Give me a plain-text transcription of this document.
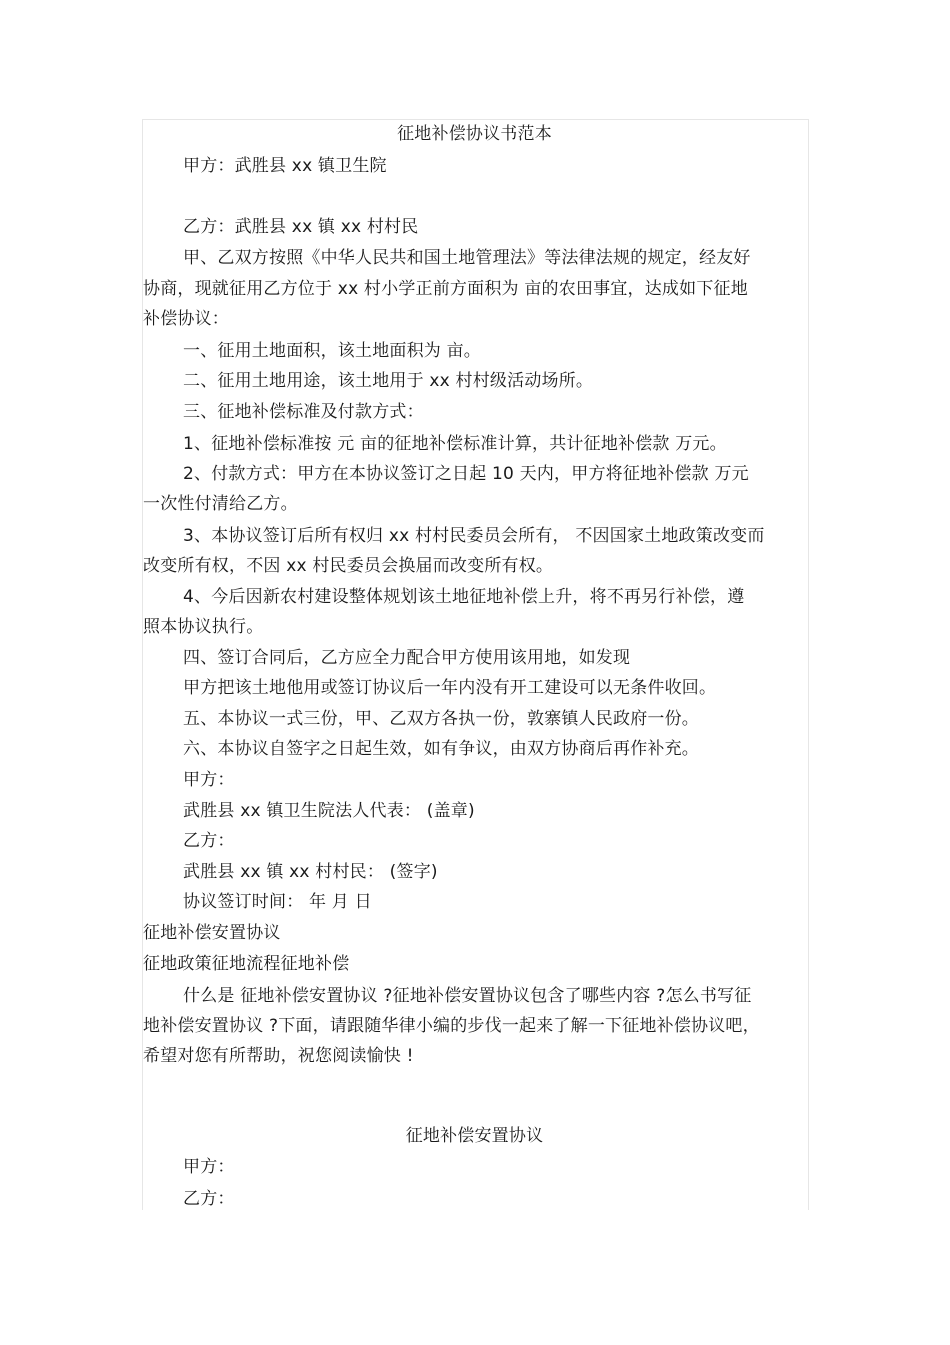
征地补偿协议书范本
甲方：武胜县 xx 镇卫生院
乙方：武胜县 xx 镇 xx 村村民
甲、乙双方按照《中华人民共和国土地管理法》等法律法规的规定，经友好
协商，现就征用乙方位于 xx 村小学正前方面积为 亩的农田事宜，达成如下征地
补偿协议：
一、征用土地面积，该土地面积为 亩。
二、征用土地用途，该土地用于 xx 村村级活动场所。
三、征地补偿标准及付款方式：
1、征地补偿标准按 元 亩的征地补偿标准计算，共计征地补偿款 万元。
2、付款方式：甲方在本协议签订之日起 10 天内，甲方将征地补偿款 万元
一次性付清给乙方。
3、本协议签订后所有权归 xx 村村民委员会所有， 不因国家土地政策改变而
改变所有权，不因 xx 村民委员会换届而改变所有权。
4、今后因新农村建设整体规划该土地征地补偿上升，将不再另行补偿，遵
照本协议执行。
四、签订合同后，乙方应全力配合甲方使用该用地，如发现
甲方把该土地他用或签订协议后一年内没有开工建设可以无条件收回。
五、本协议一式三份，甲、乙双方各执一份，敦寨镇人民政府一份。
六、本协议自签字之日起生效，如有争议，由双方协商后再作补充。
甲方：
武胜县 xx 镇卫生院法人代表： (盖章)
乙方：
武胜县 xx 镇 xx 村村民： (签字)
协议签订时间： 年 月 日
征地补偿安置协议
征地政策征地流程征地补偿
什么是 征地补偿安置协议 ?征地补偿安置协议包含了哪些内容 ?怎么书写征
地补偿安置协议 ?下面，请跟随华律小编的步伐一起来了解一下征地补偿协议吧，
希望对您有所帮助，祝您阅读愉快 !
征地补偿安置协议
甲方：
乙方：
